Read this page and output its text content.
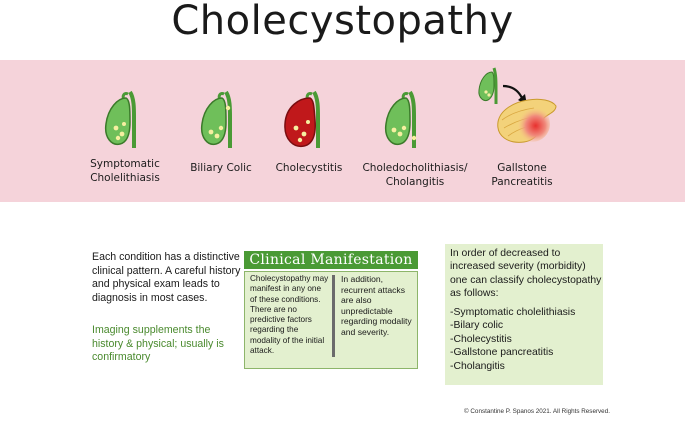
Cholecystopathy
Symptomatic
Cholelithiasis
Biliary Colic	Cholecystitis	Choledocholithiasis/
Cholangitis
Gallstone
Pancreatitis
Each condition has a distinctive clinical pattern. A careful history and physical exam leads to diagnosis in most cases.
Imaging supplements the history & physical; usually is confirmatory
Clinical Manifestation
Cholecystopathy may manifest in any one of these conditions. There are no predictive factors regarding the modality of the initial attack.
In addition, recurrent attacks are also unpredictable regarding modality and severity.
In order of decreased to increased severity (morbidity) one can classify cholecystopathy as follows:
-Symptomatic cholelithiasis
-Bilary colic
-Cholecystitis
-Gallstone pancreatitis
-Cholangitis
© Constantine P. Spanos 2021. All Rights Reserved.
